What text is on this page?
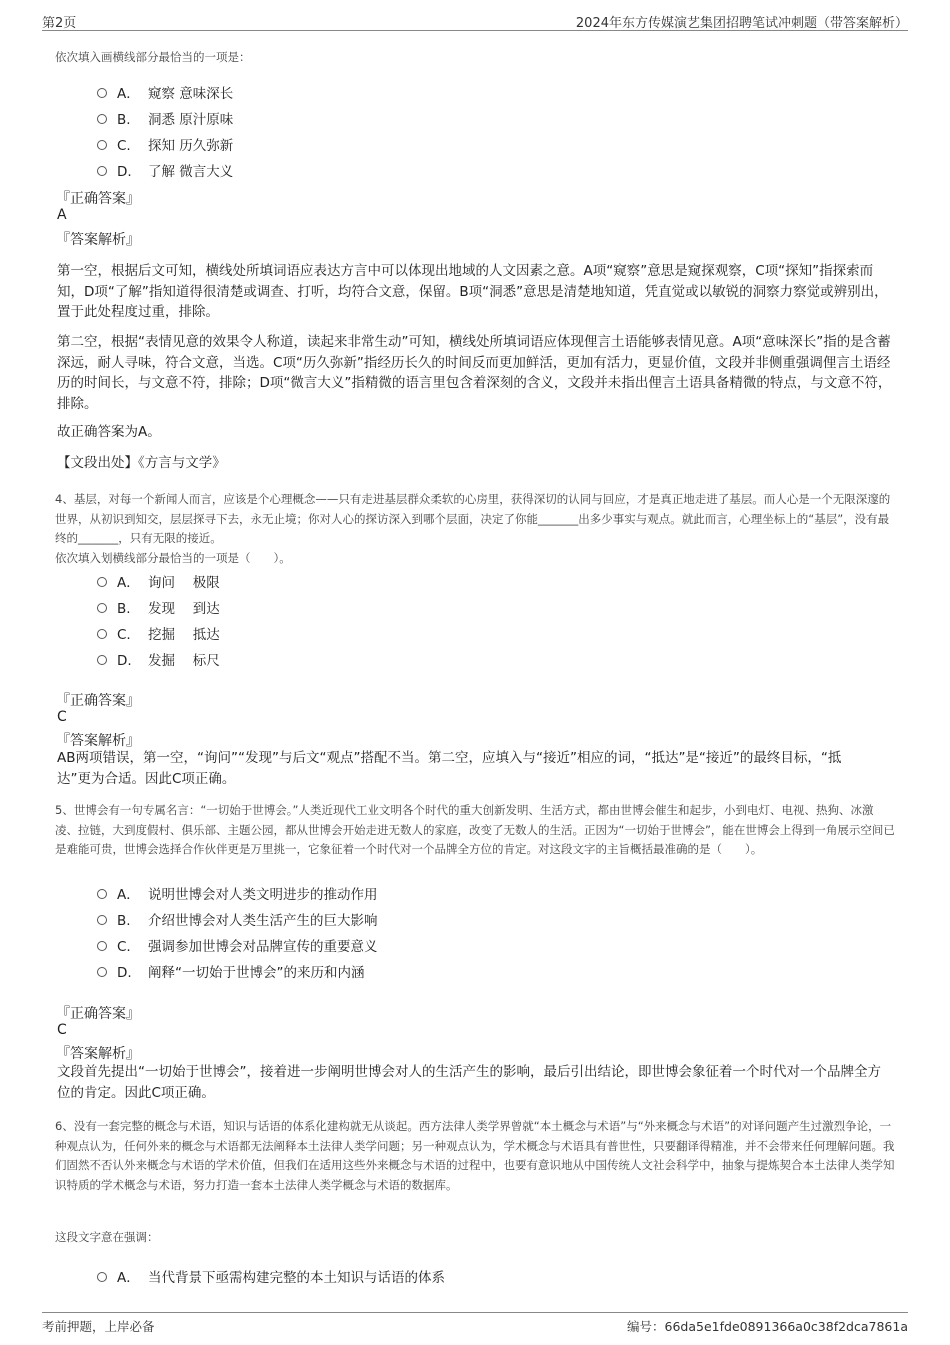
第2页	2024年东方传媒演艺集团招聘笔试冲刺题（带答案解析）
依次填入画横线部分最恰当的一项是：
A． 窥察 意味深长
B. 洞悉 原汁原味
C. 探知 历久弥新
D. 了解 微言大义
『正确答案』
A
『答案解析』
第一空，根据后文可知，横线处所填词语应表达方言中可以体现出地域的人文因素之意。A项“窥察”意思是窥探观察，C项“探知”指探索而知，D项“了解”指知道得很清楚或调查、打听，均符合文意，保留。B项“洞悉”意思是清楚地知道，凭直觉或以敏锐的洞察力察觉或辨别出，置于此处程度过重，排除。
第二空，根据“表情见意的效果令人称道，读起来非常生动”可知，横线处所填词语应体现俚言土语能够表情见意。A项“意味深长”指的是含蓄深远，耐人寻味，符合文意，当选。C项“历久弥新”指经历长久的时间反而更加鲜活，更加有活力，更显价值，文段并非侧重强调俚言土语经历的时间长，与文意不符，排除；D项“微言大义”指精微的语言里包含着深刻的含义，文段并未指出俚言土语具备精微的特点，与文意不符，排除。
故正确答案为A。
【文段出处】《方言与文学》
4、基层，对每一个新闻人而言，应该是个心理概念——只有走进基层群众柔软的心房里，获得深切的认同与回应，才是真正地走进了基层。而人心是一个无限深邃的世界，从初识到知交，层层探寻下去，永无止境；你对人心的探访深入到哪个层面，决定了你能_______出多少事实与观点。就此而言，心理坐标上的“基层”，没有最终的_______，只有无限的接近。
依次填入划横线部分最恰当的一项是（　　）。
A． 询问　 极限
B. 发现　 到达
C. 挖掘　 抵达
D. 发掘　 标尺
『正确答案』
C
『答案解析』
AB两项错误，第一空，“询问”“发现”与后文“观点”搭配不当。第二空，应填入与“接近”相应的词，“抵达”是“接近”的最终目标，“抵达”更为合适。因此C项正确。
5、世博会有一句专属名言：“一切始于世博会。”人类近现代工业文明各个时代的重大创新发明、生活方式，都由世博会催生和起步，小到电灯、电视、热狗、冰激凌、拉链，大到度假村、俱乐部、主题公园，都从世博会开始走进无数人的家庭，改变了无数人的生活。正因为“一切始于世博会”，能在世博会上得到一角展示空间已是难能可贵，世博会选择合作伙伴更是万里挑一，它象征着一个时代对一个品牌全方位的肯定。对这段文字的主旨概括最准确的是（　　）。
A． 说明世博会对人类文明进步的推动作用
B. 介绍世博会对人类生活产生的巨大影响
C. 强调参加世博会对品牌宣传的重要意义
D. 阐释“一切始于世博会”的来历和内涵
『正确答案』
C
『答案解析』
文段首先提出“一切始于世博会”，接着进一步阐明世博会对人的生活产生的影响，最后引出结论，即世博会象征着一个时代对一个品牌全方位的肯定。因此C项正确。
6、没有一套完整的概念与术语，知识与话语的体系化建构就无从谈起。西方法律人类学界曾就“本土概念与术语”与“外来概念与术语”的对译问题产生过激烈争论，一种观点认为，任何外来的概念与术语都无法阐释本土法律人类学问题；另一种观点认为，学术概念与术语具有普世性，只要翻译得精准，并不会带来任何理解问题。我们固然不否认外来概念与术语的学术价值，但我们在适用这些外来概念与术语的过程中，也要有意识地从中国传统人文社会科学中，抽象与提炼契合本土法律人类学知识特质的学术概念与术语，努力打造一套本土法律人类学概念与术语的数据库。
这段文字意在强调：
A． 当代背景下亟需构建完整的本土知识与话语的体系
考前押题，上岸必备	编号：66da5e1fde0891366a0c38f2dca7861a
